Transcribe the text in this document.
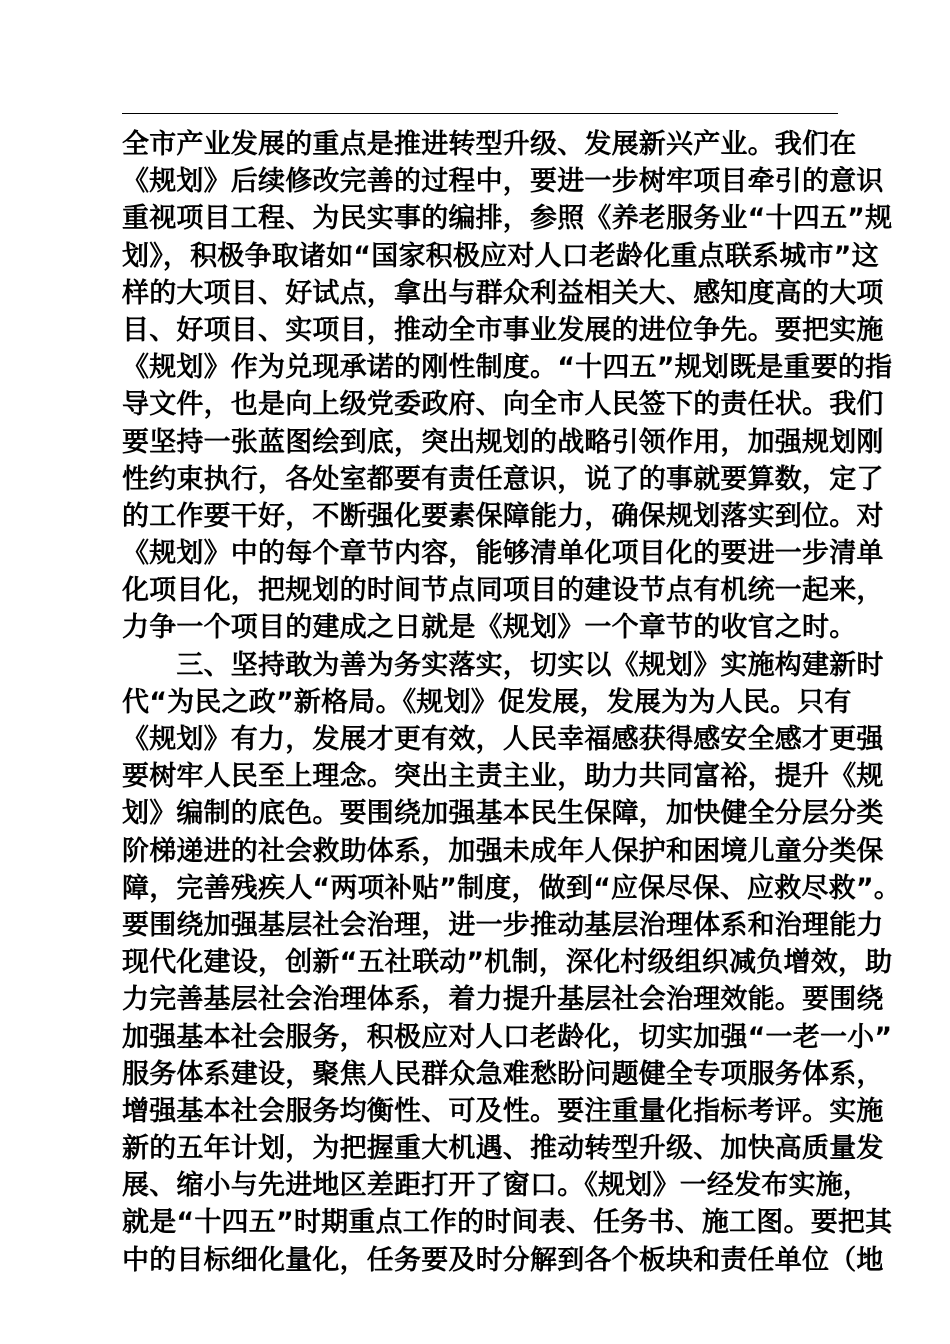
全市产业发展的重点是推进转型升级、发展新兴产业。我们在
《规划》后续修改完善的过程中，要进一步树牢项目牵引的意识
重视项目工程、为民实事的编排，参照《养老服务业“十四五”规
划》，积极争取诸如“国家积极应对人口老龄化重点联系城市”这
样的大项目、好试点，拿出与群众利益相关大、感知度高的大项
目、好项目、实项目，推动全市事业发展的进位争先。要把实施
《规划》作为兑现承诺的刚性制度。“十四五”规划既是重要的指
导文件，也是向上级党委政府、向全市人民签下的责任状。我们
要坚持一张蓝图绘到底，突出规划的战略引领作用，加强规划刚
性约束执行，各处室都要有责任意识，说了的事就要算数，定了
的工作要干好，不断强化要素保障能力，确保规划落实到位。对
《规划》中的每个章节内容，能够清单化项目化的要进一步清单
化项目化，把规划的时间节点同项目的建设节点有机统一起来，
力争一个项目的建成之日就是《规划》一个章节的收官之时。
　　三、坚持敢为善为务实落实，切实以《规划》实施构建新时
代“为民之政”新格局。《规划》促发展，发展为为人民。只有
《规划》有力，发展才更有效，人民幸福感获得感安全感才更强
要树牢人民至上理念。突出主责主业，助力共同富裕，提升《规
划》编制的底色。要围绕加强基本民生保障，加快健全分层分类
阶梯递进的社会救助体系，加强未成年人保护和困境儿童分类保
障，完善残疾人“两项补贴”制度，做到“应保尽保、应救尽救”。
要围绕加强基层社会治理，进一步推动基层治理体系和治理能力
现代化建设，创新“五社联动”机制，深化村级组织减负增效，助
力完善基层社会治理体系，着力提升基层社会治理效能。要围绕
加强基本社会服务，积极应对人口老龄化，切实加强“一老一小”
服务体系建设，聚焦人民群众急难愁盼问题健全专项服务体系，
增强基本社会服务均衡性、可及性。要注重量化指标考评。实施
新的五年计划，为把握重大机遇、推动转型升级、加快高质量发
展、缩小与先进地区差距打开了窗口。《规划》一经发布实施，
就是“十四五”时期重点工作的时间表、任务书、施工图。要把其
中的目标细化量化，任务要及时分解到各个板块和责任单位（地
